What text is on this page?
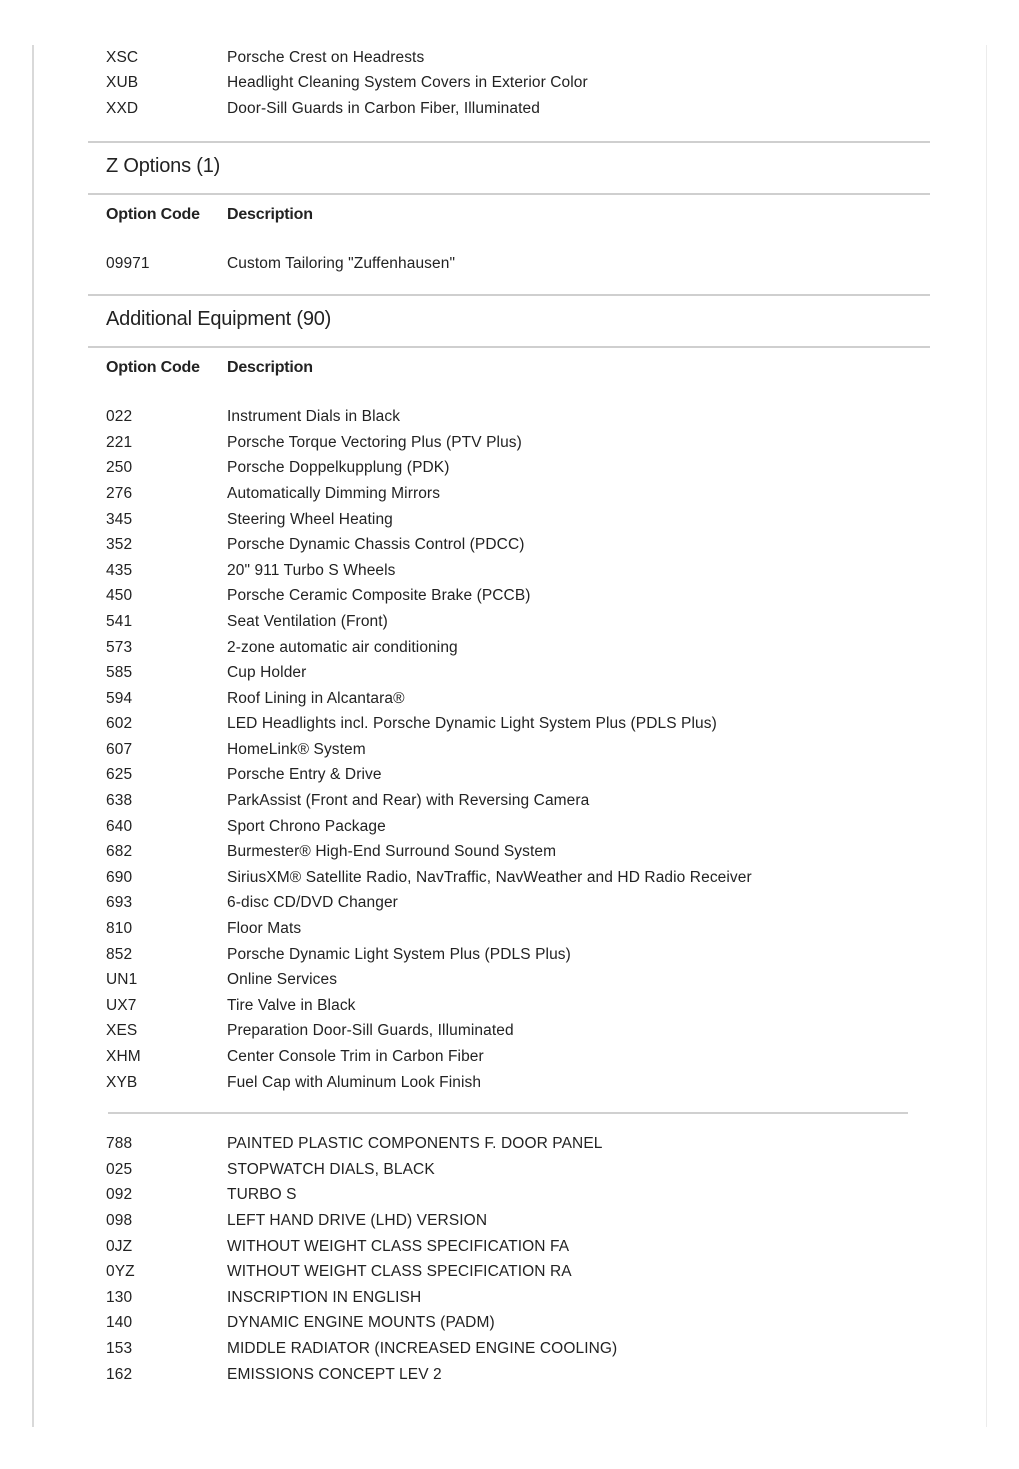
XSC	Porsche Crest on Headrests
XUB	Headlight Cleaning System Covers in Exterior Color
XXD	Door-Sill Guards in Carbon Fiber, Illuminated
Z Options (1)
Option Code	Description
09971	Custom Tailoring "Zuffenhausen"
Additional Equipment (90)
Option Code	Description
022	Instrument Dials in Black
221	Porsche Torque Vectoring Plus (PTV Plus)
250	Porsche Doppelkupplung (PDK)
276	Automatically Dimming Mirrors
345	Steering Wheel Heating
352	Porsche Dynamic Chassis Control (PDCC)
435	20" 911 Turbo S Wheels
450	Porsche Ceramic Composite Brake (PCCB)
541	Seat Ventilation (Front)
573	2-zone automatic air conditioning
585	Cup Holder
594	Roof Lining in Alcantara®
602	LED Headlights incl. Porsche Dynamic Light System Plus (PDLS Plus)
607	HomeLink® System
625	Porsche Entry & Drive
638	ParkAssist (Front and Rear) with Reversing Camera
640	Sport Chrono Package
682	Burmester® High-End Surround Sound System
690	SiriusXM® Satellite Radio, NavTraffic, NavWeather and HD Radio Receiver
693	6-disc CD/DVD Changer
810	Floor Mats
852	Porsche Dynamic Light System Plus (PDLS Plus)
UN1	Online Services
UX7	Tire Valve in Black
XES	Preparation Door-Sill Guards, Illuminated
XHM	Center Console Trim in Carbon Fiber
XYB	Fuel Cap with Aluminum Look Finish
788	PAINTED PLASTIC COMPONENTS F. DOOR PANEL
025	STOPWATCH DIALS, BLACK
092	TURBO S
098	LEFT HAND DRIVE (LHD) VERSION
0JZ	WITHOUT WEIGHT CLASS SPECIFICATION FA
0YZ	WITHOUT WEIGHT CLASS SPECIFICATION RA
130	INSCRIPTION IN ENGLISH
140	DYNAMIC ENGINE MOUNTS (PADM)
153	MIDDLE RADIATOR (INCREASED ENGINE COOLING)
162	EMISSIONS CONCEPT LEV 2
